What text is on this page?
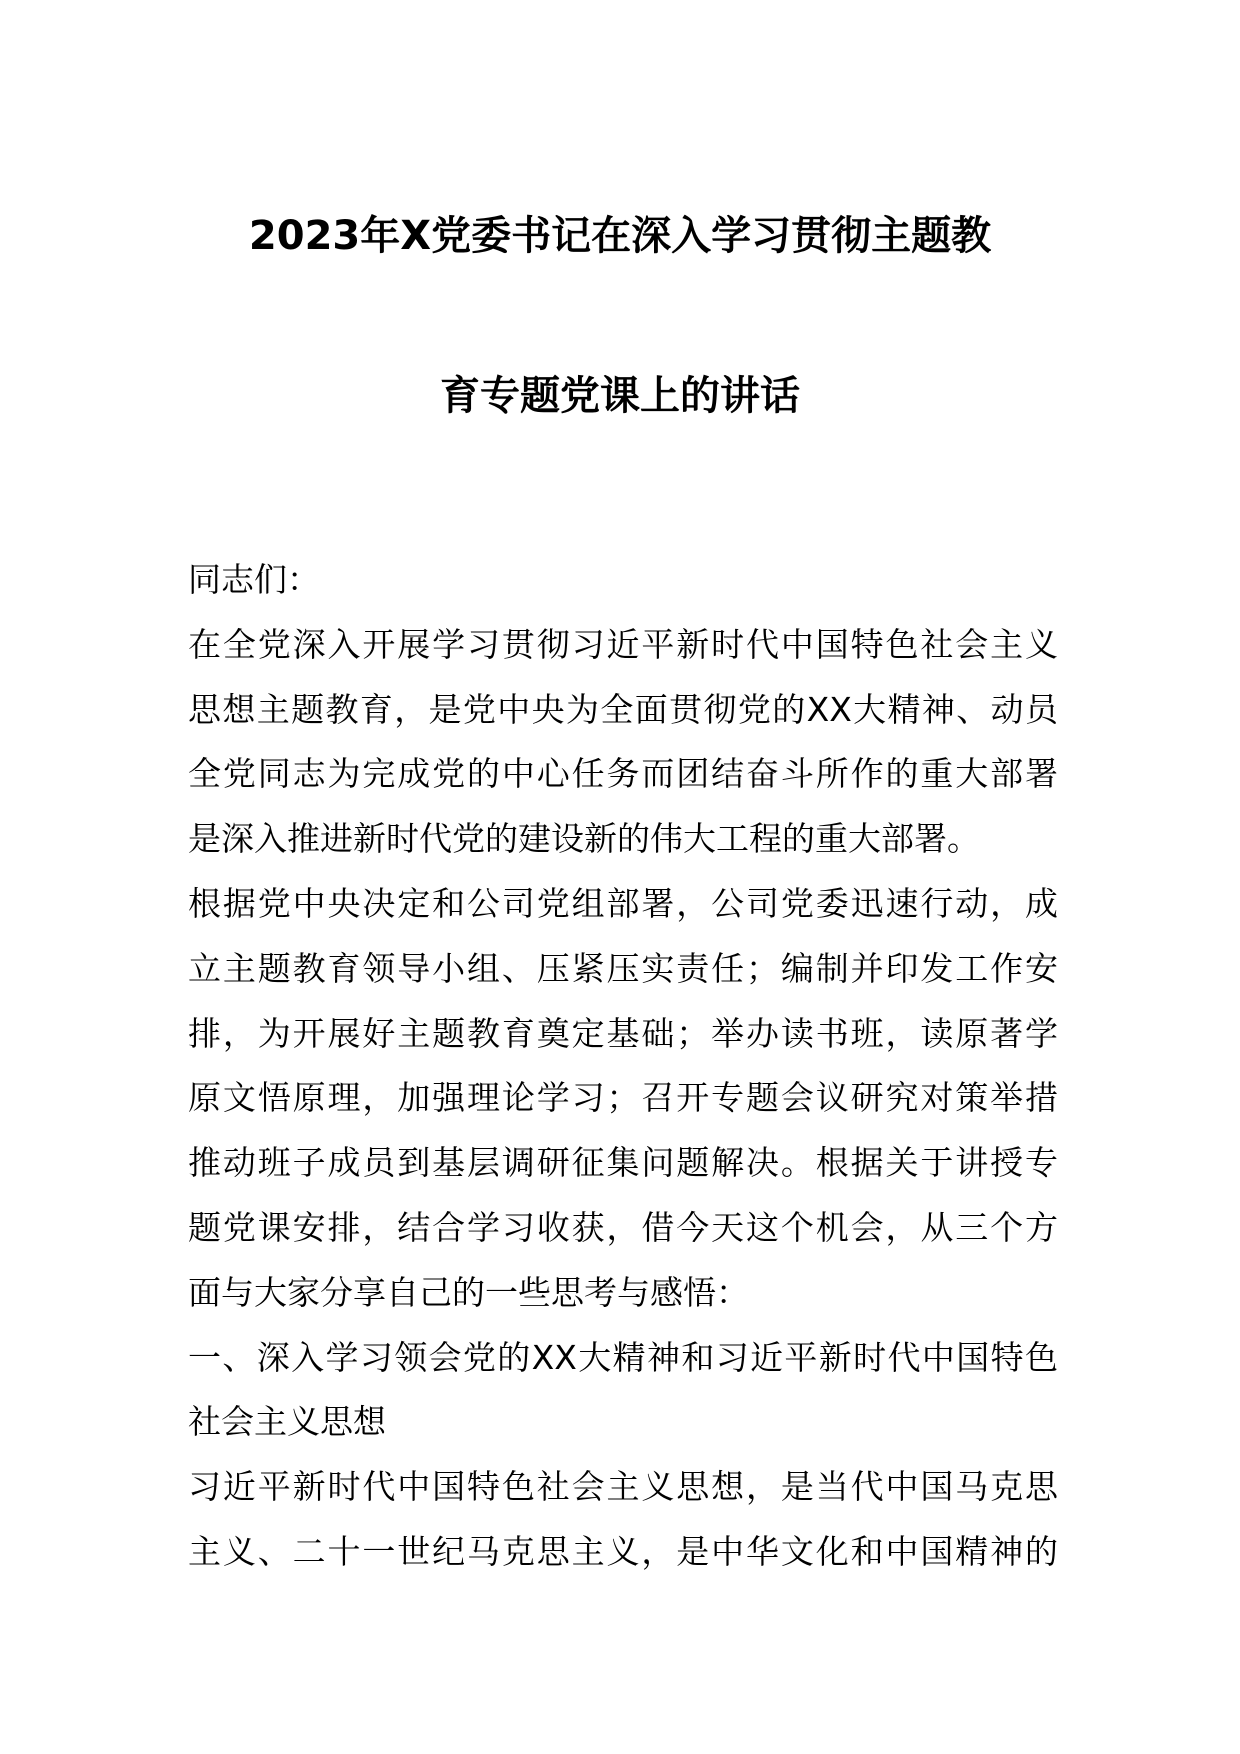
2023年X党委书记在深入学习贯彻主题教
育专题党课上的讲话
同志们：
在全党深入开展学习贯彻习近平新时代中国特色社会主义
思想主题教育，是党中央为全面贯彻党的XX大精神、动员
全党同志为完成党的中心任务而团结奋斗所作的重大部署
是深入推进新时代党的建设新的伟大工程的重大部署。
根据党中央决定和公司党组部署，公司党委迅速行动，成
立主题教育领导小组、压紧压实责任；编制并印发工作安
排，为开展好主题教育奠定基础；举办读书班，读原著学
原文悟原理，加强理论学习；召开专题会议研究对策举措
推动班子成员到基层调研征集问题解决。根据关于讲授专
题党课安排，结合学习收获，借今天这个机会，从三个方
面与大家分享自己的一些思考与感悟：
一、深入学习领会党的XX大精神和习近平新时代中国特色
社会主义思想
习近平新时代中国特色社会主义思想，是当代中国马克思
主义、二十一世纪马克思主义，是中华文化和中国精神的
